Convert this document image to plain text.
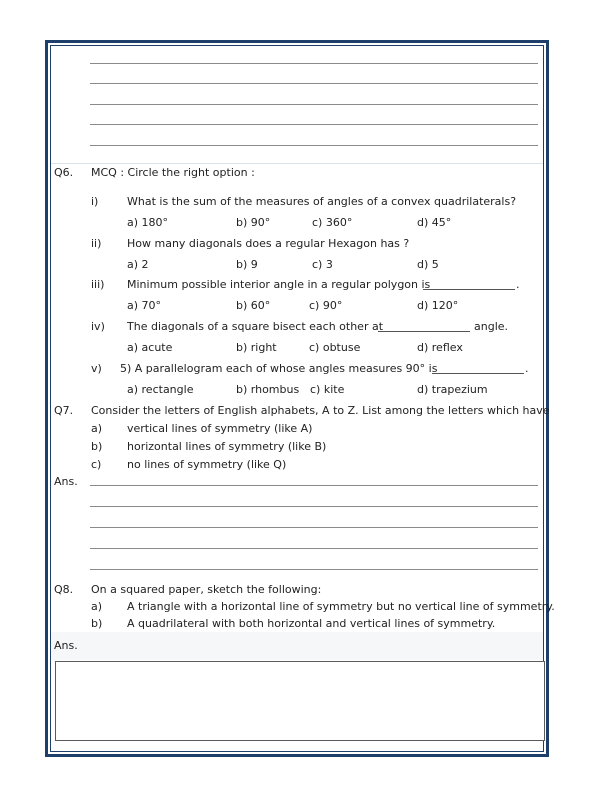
Q6. MCQ : Circle the right option :
i)	What is the sum of the measures of angles of a convex quadrilaterals?
a) 180°	b) 90°	c) 360°	d) 45°
ii) How many diagonals does a regular Hexagon has ?
a) 2	b) 9	c) 3	d) 5
iii) Minimum possible interior angle in a regular polygon is	.
a) 70°	b) 60°	c) 90°	d) 120°
iv) The diagonals of a square bisect each other at	angle.
a) acute	b) right	c) obtuse	d) reflex
v) 5) A parallelogram each of whose angles measures 90° is	.
a) rectangle	b) rhombus c) kite	d) trapezium
Q7. Consider the letters of English alphabets, A to Z. List among the letters which have
a) vertical lines of symmetry (like A)
b) horizontal lines of symmetry (like B)
c) no lines of symmetry (like Q)
Ans.
Q8. On a squared paper, sketch the following:
a) A triangle with a horizontal line of symmetry but no vertical line of symmetry.
b) A quadrilateral with both horizontal and vertical lines of symmetry.
Ans.
